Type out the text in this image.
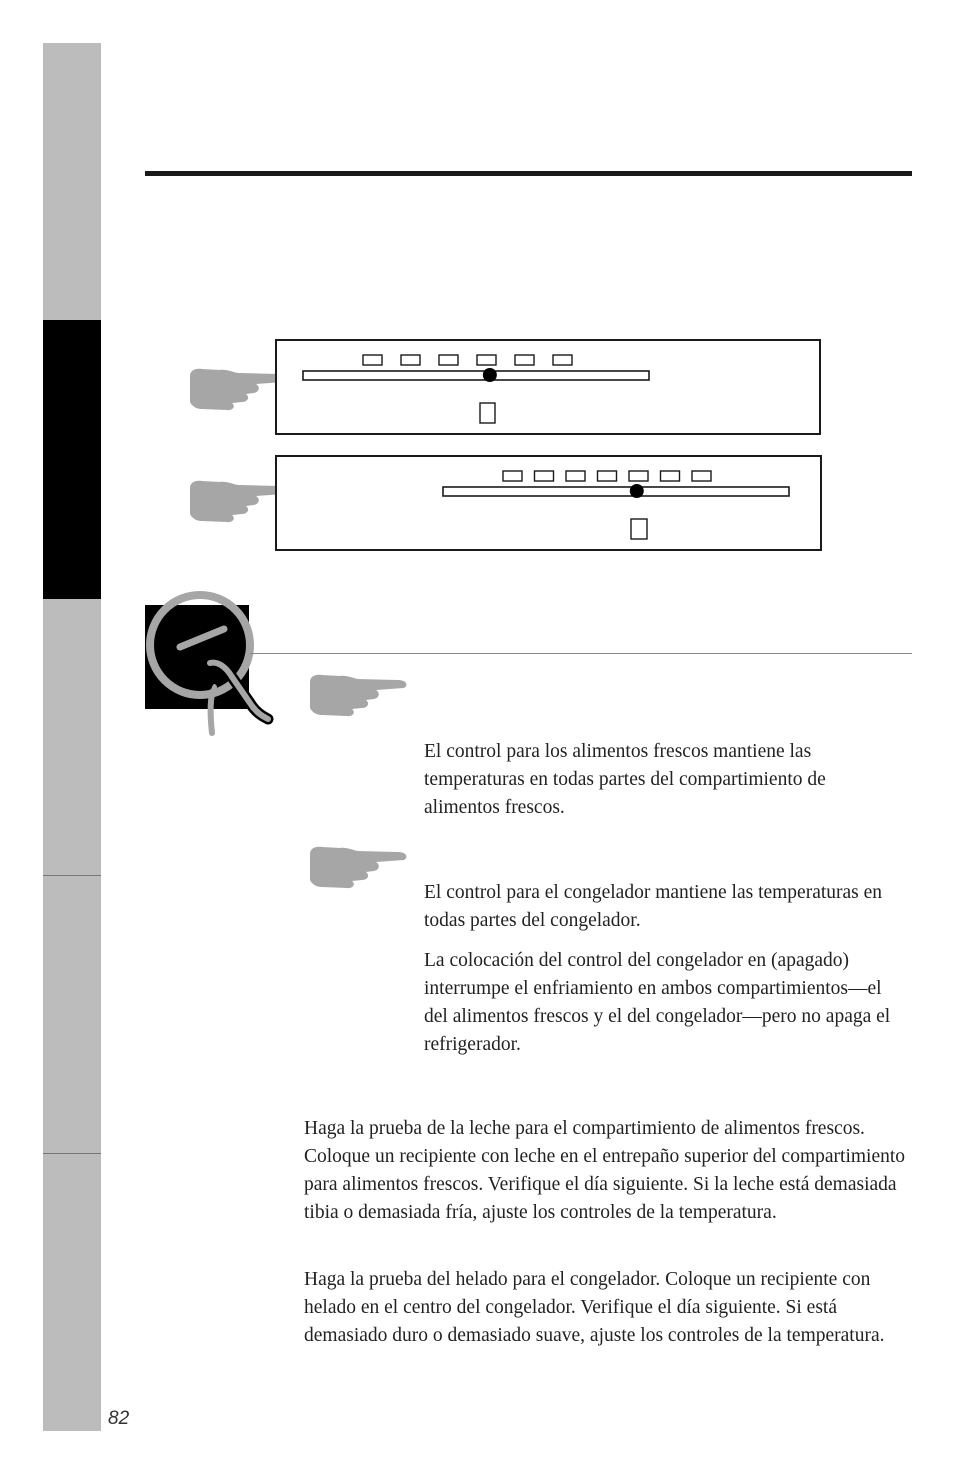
El control para los alimentos frescos mantiene las temperaturas en todas partes del compartimiento de alimentos frescos.

El control para el congelador mantiene las temperaturas en todas partes del congelador.

La colocación del control del congelador en (apagado) interrumpe el enfriamiento en ambos compartimientos—el del alimentos frescos y el del congelador—pero no apaga el refrigerador.

Haga la prueba de la leche para el compartimiento de alimentos frescos. Coloque un recipiente con leche en el entrepaño superior del compartimiento para alimentos frescos. Verifique el día siguiente. Si la leche está demasiada tibia o demasiada fría, ajuste los controles de la temperatura.

Haga la prueba del helado para el congelador. Coloque un recipiente con helado en el centro del congelador. Verifique el día siguiente. Si está demasiado duro o demasiado suave, ajuste los controles de la temperatura.

82
